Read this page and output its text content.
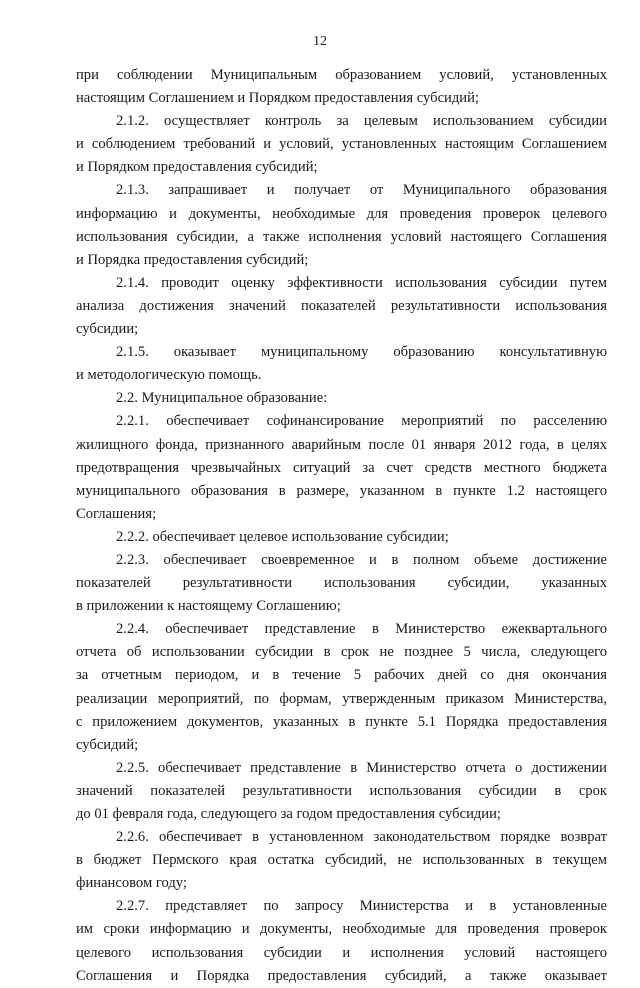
12

при соблюдении Муниципальным образованием условий, установленных
настоящим Соглашением и Порядком предоставления субсидий;

2.1.2. осуществляет контроль за целевым использованием субсидии
и соблюдением требований и условий, установленных настоящим Соглашением
и Порядком предоставления субсидий;

2.1.3. запрашивает и получает от Муниципального образования
информацию и документы, необходимые для проведения проверок целевого
использования субсидии, а также исполнения условий настоящего Соглашения
и Порядка предоставления субсидий;

2.1.4. проводит оценку эффективности использования субсидии путем
анализа достижения значений показателей результативности использования
субсидии;

2.1.5. оказывает муниципальному образованию консультативную
и методологическую помощь.

2.2. Муниципальное образование:

2.2.1. обеспечивает софинансирование мероприятий по расселению
жилищного фонда, признанного аварийным после 01 января 2012 года, в целях
предотвращения чрезвычайных ситуаций за счет средств местного бюджета
муниципального образования в размере, указанном в пункте 1.2 настоящего
Соглашения;

2.2.2. обеспечивает целевое использование субсидии;

2.2.3. обеспечивает своевременное и в полном объеме достижение
показателей результативности использования субсидии, указанных
в приложении к настоящему Соглашению;

2.2.4. обеспечивает представление в Министерство ежеквартального
отчета об использовании субсидии в срок не позднее 5 числа, следующего
за отчетным периодом, и в течение 5 рабочих дней со дня окончания
реализации мероприятий, по формам, утвержденным приказом Министерства,
с приложением документов, указанных в пункте 5.1 Порядка предоставления
субсидий;

2.2.5. обеспечивает представление в Министерство отчета о достижении
значений показателей результативности использования субсидии в срок
до 01 февраля года, следующего за годом предоставления субсидии;

2.2.6. обеспечивает в установленном законодательством порядке возврат
в бюджет Пермского края остатка субсидий, не использованных в текущем
финансовом году;

2.2.7. представляет по запросу Министерства и в установленные
им сроки информацию и документы, необходимые для проведения проверок
целевого использования субсидии и исполнения условий настоящего
Соглашения и Порядка предоставления субсидий, а также оказывает
